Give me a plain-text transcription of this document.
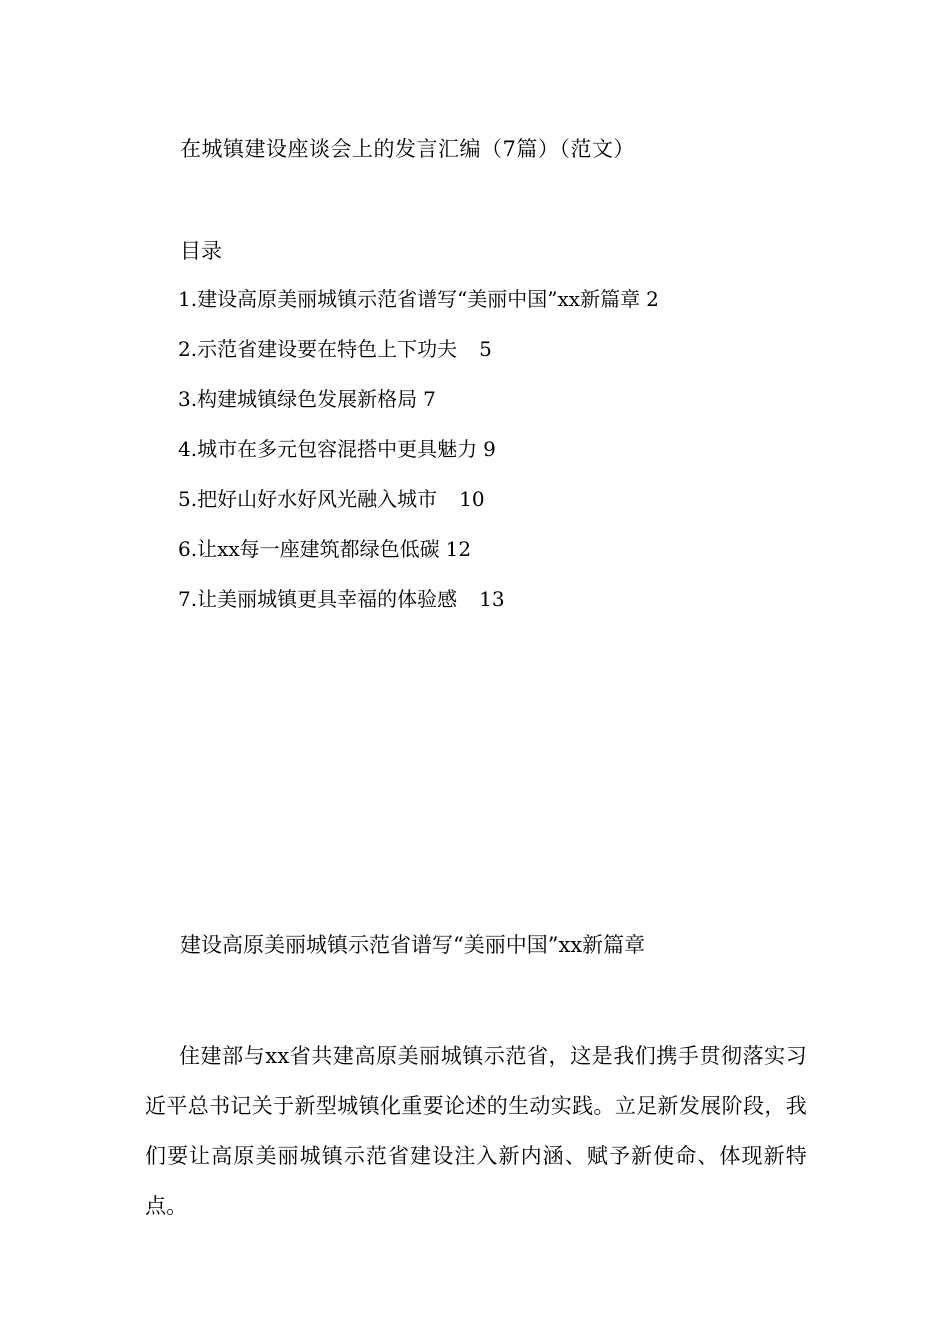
在城镇建设座谈会上的发言汇编（7篇）（范文）
目录
1.建设高原美丽城镇示范省谱写“美丽中国”xx新篇章 2
2.示范省建设要在特色上下功夫 5
3.构建城镇绿色发展新格局 7
4.城市在多元包容混搭中更具魅力 9
5.把好山好水好风光融入城市 10
6.让xx每一座建筑都绿色低碳 12
7.让美丽城镇更具幸福的体验感 13
建设高原美丽城镇示范省谱写“美丽中国”xx新篇章

住建部与xx省共建高原美丽城镇示范省，这是我们携手贯彻落实习近平总书记关于新型城镇化重要论述的生动实践。立足新发展阶段，我们要让高原美丽城镇示范省建设注入新内涵、赋予新使命、体现新特点。
